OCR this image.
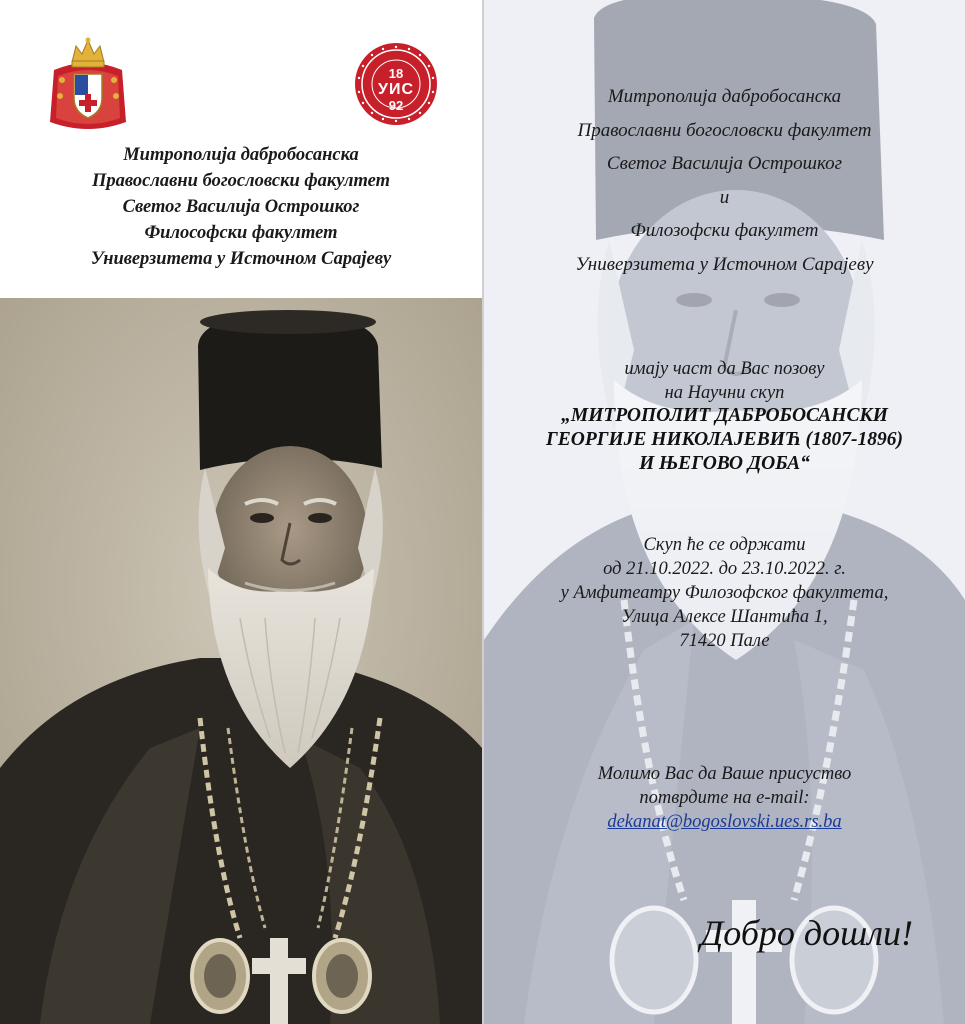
18
УИС
92
Митрополија дабробосанска
Православни богословски факултет
Светог Василија Острошког
Философски факултет
Универзитета у Источном Сарајеву
Митрополија дабробосанска
Православни богословски факултет
Светог Василија Острошког
и
Филозофски факултет
Универзитета у Источном Сарајеву
имају част да Вас позову
на Научни скуп
„МИТРОПОЛИТ ДАБРОБОСАНСКИ
ГЕОРГИЈЕ НИКОЛАЈЕВИЋ (1807-1896)
И ЊЕГОВО ДОБА“
Скуп ће се одржати
од 21.10.2022. до 23.10.2022. г.
у Амфитеатру Филозофског факултета,
Улица Алексе Шантића 1,
71420 Пале
Молимо Вас да Ваше присуство
потврдите на e-mail:
dekanat@bogoslovski.ues.rs.ba
Добро дошли!
